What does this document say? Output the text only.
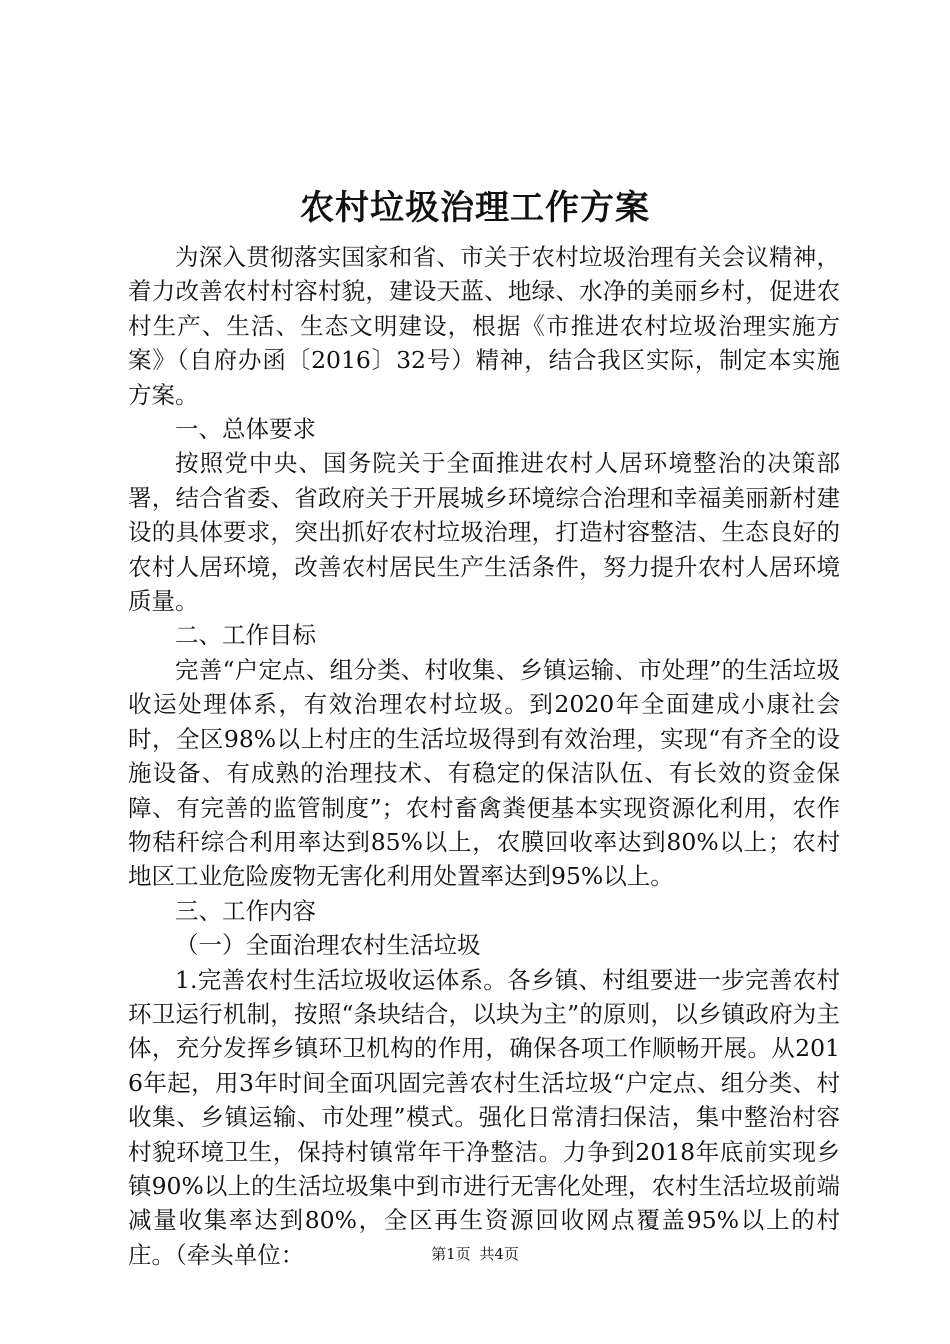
农村垃圾治理工作方案

为深入贯彻落实国家和省、市关于农村垃圾治理有关会议精神，着力改善农村村容村貌，建设天蓝、地绿、水净的美丽乡村，促进农村生产、生活、生态文明建设，根据《市推进农村垃圾治理实施方案》（自府办函〔2016〕32号）精神，结合我区实际，制定本实施方案。

一、总体要求

按照党中央、国务院关于全面推进农村人居环境整治的决策部署，结合省委、省政府关于开展城乡环境综合治理和幸福美丽新村建设的具体要求，突出抓好农村垃圾治理，打造村容整洁、生态良好的农村人居环境，改善农村居民生产生活条件，努力提升农村人居环境质量。

二、工作目标

完善“户定点、组分类、村收集、乡镇运输、市处理”的生活垃圾收运处理体系，有效治理农村垃圾。到2020年全面建成小康社会时，全区98%以上村庄的生活垃圾得到有效治理，实现“有齐全的设施设备、有成熟的治理技术、有稳定的保洁队伍、有长效的资金保障、有完善的监管制度”；农村畜禽粪便基本实现资源化利用，农作物秸秆综合利用率达到85%以上，农膜回收率达到80%以上；农村地区工业危险废物无害化利用处置率达到95%以上。

三、工作内容

（一）全面治理农村生活垃圾

1.完善农村生活垃圾收运体系。各乡镇、村组要进一步完善农村环卫运行机制，按照“条块结合，以块为主”的原则，以乡镇政府为主体，充分发挥乡镇环卫机构的作用，确保各项工作顺畅开展。从2016年起，用3年时间全面巩固完善农村生活垃圾“户定点、组分类、村收集、乡镇运输、市处理”模式。强化日常清扫保洁，集中整治村容村貌环境卫生，保持村镇常年干净整洁。力争到2018年底前实现乡镇90%以上的生活垃圾集中到市进行无害化处理，农村生活垃圾前端减量收集率达到80%，全区再生资源回收网点覆盖95%以上的村庄。（牵头单位：	第1页 共4页
